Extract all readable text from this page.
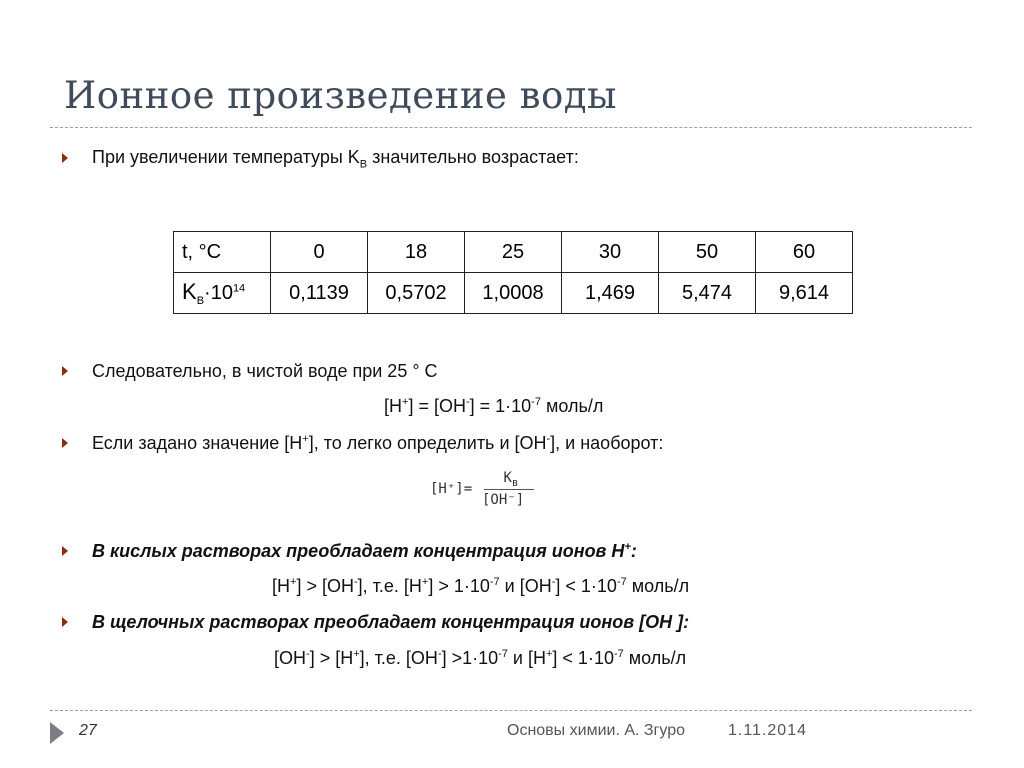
Ионное произведение воды
При увеличении температуры $K_В$ значительно возрастает:
t, °C	0	18	25	30	50	60
$K_B\cdot 10^{14}$	0,1139	0,5702	1,0008	1,469	5,474	9,614
Следовательно, в чистой воде при 25 ° С
$[H^+] = [OH^-] = 1\cdot 10^{-7}$ моль/л
Если задано значение [H+], то легко определить и [OH-], и наоборот:
[H⁺]=
$K_в$
[OH⁻]
В кислых растворах преобладает концентрация ионов H+:
[H+] > [OH-], т.е. $[H^+] > 1\cdot 10^{-7}$ и $[OH^-] < 1\cdot 10^{-7}$ моль/л
В щелочных растворах преобладает концентрация ионов [OH ]:
[OH-] > [H+], т.е. $[OH^-] >1\cdot 10^{-7}$ и $[H^+] < 1\cdot 10^{-7}$ моль/л
27	Основы химии. А. Згуро	1.11.2014
